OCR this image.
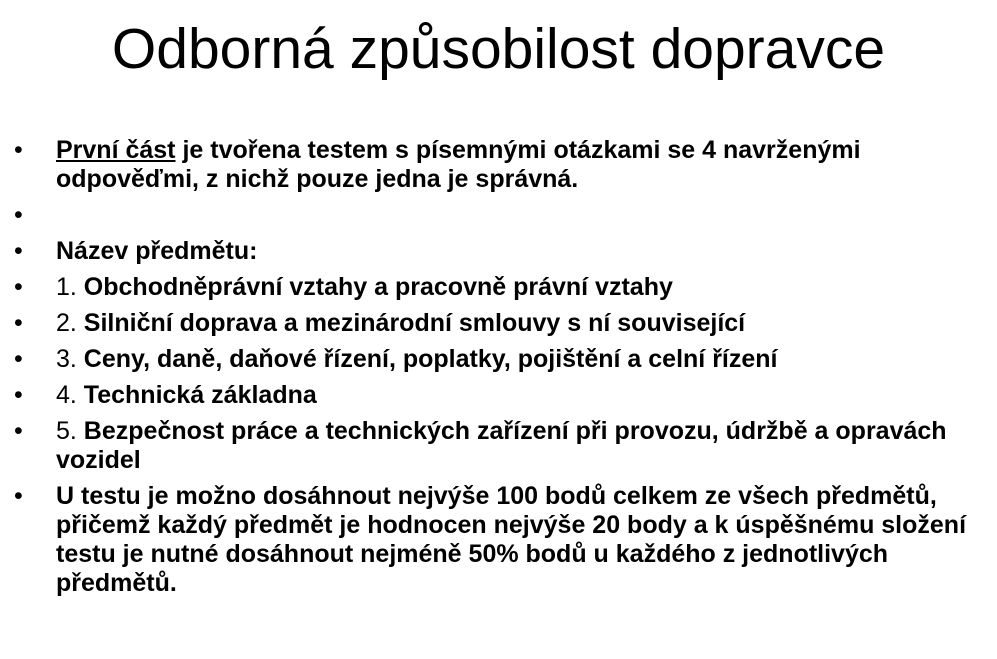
Odborná způsobilost dopravce
•	První část je tvořena testem s písemnými otázkami se 4 navrženými odpověďmi, z nichž pouze jedna je správná.
•
•	Název předmětu:
•	1. Obchodněprávní vztahy a pracovně právní vztahy
•	2. Silniční doprava a mezinárodní smlouvy s ní související
•	3. Ceny, daně, daňové řízení, poplatky, pojištění a celní řízení
•	4. Technická základna
•	5. Bezpečnost práce a technických zařízení při provozu, údržbě a opravách vozidel
•	U testu je možno dosáhnout nejvýše 100 bodů celkem ze všech předmětů, přičemž každý předmět je hodnocen nejvýše 20 body a k úspěšnému složení testu je nutné dosáhnout nejméně 50% bodů u každého z jednotlivých předmětů.
